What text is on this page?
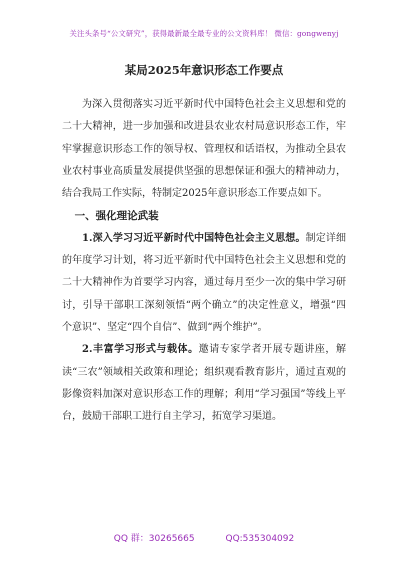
关注头条号“公文研究”，获得最新最全最专业的公文资料库！ 微信：gongwenyj
某局2025年意识形态工作要点

为深入贯彻落实习近平新时代中国特色社会主义思想和党的二十大精神，进一步加强和改进县农业农村局意识形态工作，牢牢掌握意识形态工作的领导权、管理权和话语权，为推动全县农业农村事业高质量发展提供坚强的思想保证和强大的精神动力，结合我局工作实际，特制定2025年意识形态工作要点如下。

一、强化理论武装

1.深入学习习近平新时代中国特色社会主义思想。制定详细的年度学习计划，将习近平新时代中国特色社会主义思想和党的二十大精神作为首要学习内容，通过每月至少一次的集中学习研讨，引导干部职工深刻领悟“两个确立”的决定性意义，增强“四个意识”、坚定“四个自信”、做到“两个维护”。

2.丰富学习形式与载体。邀请专家学者开展专题讲座，解读“三农”领域相关政策和理论；组织观看教育影片，通过直观的影像资料加深对意识形态工作的理解；利用“学习强国”等线上平台，鼓励干部职工进行自主学习，拓宽学习渠道。

QQ 群：30265665	QQ:535304092
